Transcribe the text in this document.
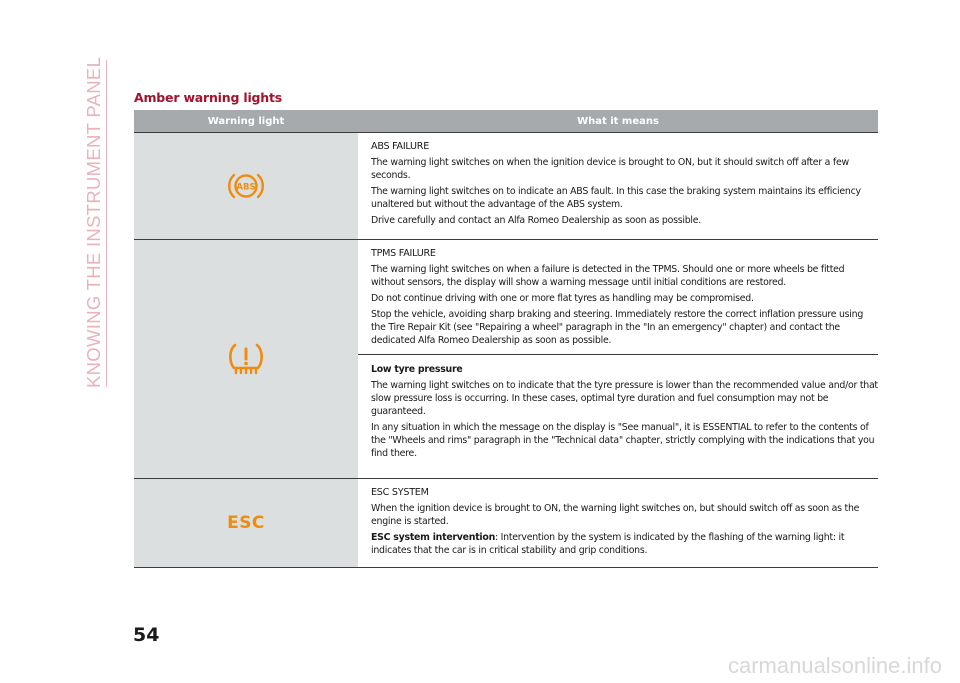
KNOWING THE INSTRUMENT PANEL Amber warning lights
Warning light	What it means
ABS

ABS FAILURE

The warning light switches on when the ignition device is brought to ON, but it should switch off after a few seconds.

The warning light switches on to indicate an ABS fault. In this case the braking system maintains its efficiency unaltered but without the advantage of the ABS system.

Drive carefully and contact an Alfa Romeo Dealership as soon as possible.

TPMS FAILURE

The warning light switches on when a failure is detected in the TPMS. Should one or more wheels be fitted without sensors, the display will show a warning message until initial conditions are restored.

Do not continue driving with one or more flat tyres as handling may be compromised.

Stop the vehicle, avoiding sharp braking and steering. Immediately restore the correct inflation pressure using the Tire Repair Kit (see "Repairing a wheel" paragraph in the "In an emergency" chapter) and contact the dedicated Alfa Romeo Dealership as soon as possible.

Low tyre pressure

The warning light switches on to indicate that the tyre pressure is lower than the recommended value and/or that slow pressure loss is occurring. In these cases, optimal tyre duration and fuel consumption may not be guaranteed.

In any situation in which the message on the display is "See manual", it is ESSENTIAL to refer to the contents of the "Wheels and rims" paragraph in the "Technical data" chapter, strictly complying with the indications that you find there.

ESC

ESC SYSTEM

When the ignition device is brought to ON, the warning light switches on, but should switch off as soon as the engine is started.

ESC system intervention: Intervention by the system is indicated by the flashing of the warning light: it indicates that the car is in critical stability and grip conditions.

54
carmanualsonline.info
